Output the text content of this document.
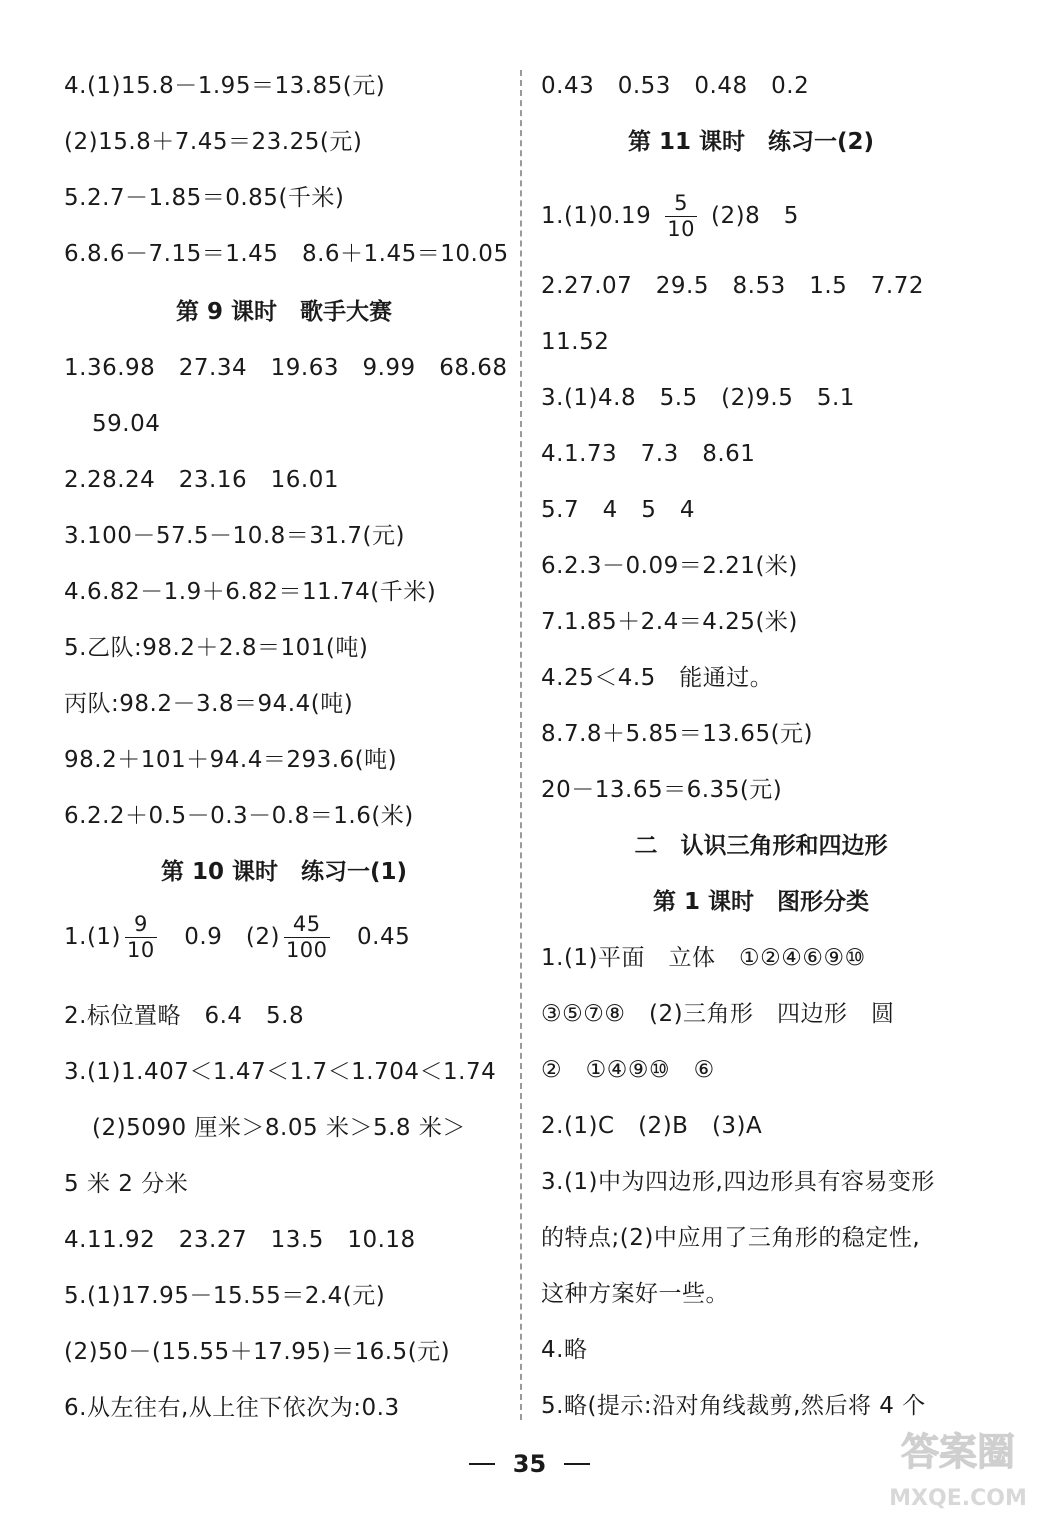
4.(1)15.8－1.95＝13.85(元)
(2)15.8＋7.45＝23.25(元)
5.2.7－1.85＝0.85(千米)
6.8.6－7.15＝1.45　8.6＋1.45＝10.05
第 9 课时　歌手大赛
1.36.98　27.34　19.63　9.99　68.68
59.04
2.28.24　23.16　16.01
3.100－57.5－10.8＝31.7(元)
4.6.82－1.9＋6.82＝11.74(千米)
5.乙队:98.2＋2.8＝101(吨)
丙队:98.2－3.8＝94.4(吨)
98.2＋101＋94.4＝293.6(吨)
6.2.2＋0.5－0.3－0.8＝1.6(米)
第 10 课时　练习一(1)
$1.(1) \frac{9}{10}$ 　0.9　$(2) \frac{45}{100}$ 　0.45
2.标位置略　6.4　5.8
3.(1)1.407＜1.47＜1.7＜1.704＜1.74
(2)5090 厘米＞8.05 米＞5.8 米＞
5 米 2 分米
4.11.92　23.27　13.5　10.18
5.(1)17.95－15.55＝2.4(元)
(2)50－(15.55＋17.95)＝16.5(元)
6.从左往右,从上往下依次为:0.3
0.43　0.53　0.48　0.2
第 11 课时　练习一(2)
$1.(1)0.19 \frac{5}{10} (2)8$　5
2.27.07　29.5　8.53　1.5　7.72
11.52
3.(1)4.8　5.5　(2)9.5　5.1
4.1.73　7.3　8.61
5.7　4　5　4
6.2.3－0.09＝2.21(米)
7.1.85＋2.4＝4.25(米)
4.25＜4.5　能通过。
8.7.8＋5.85＝13.65(元)
20－13.65＝6.35(元)
二　认识三角形和四边形
第 1 课时　图形分类
1.(1)平面　立体　①②④⑥⑨⑩
③⑤⑦⑧　(2)三角形　四边形　圆
②　①④⑨⑩　⑥
2.(1)C　(2)B　(3)A
3.(1)中为四边形,四边形具有容易变形
的特点;(2)中应用了三角形的稳定性,
这种方案好一些。
4.略
5.略(提示:沿对角线裁剪,然后将 4 个
35	答案圈
MXQE.COM
